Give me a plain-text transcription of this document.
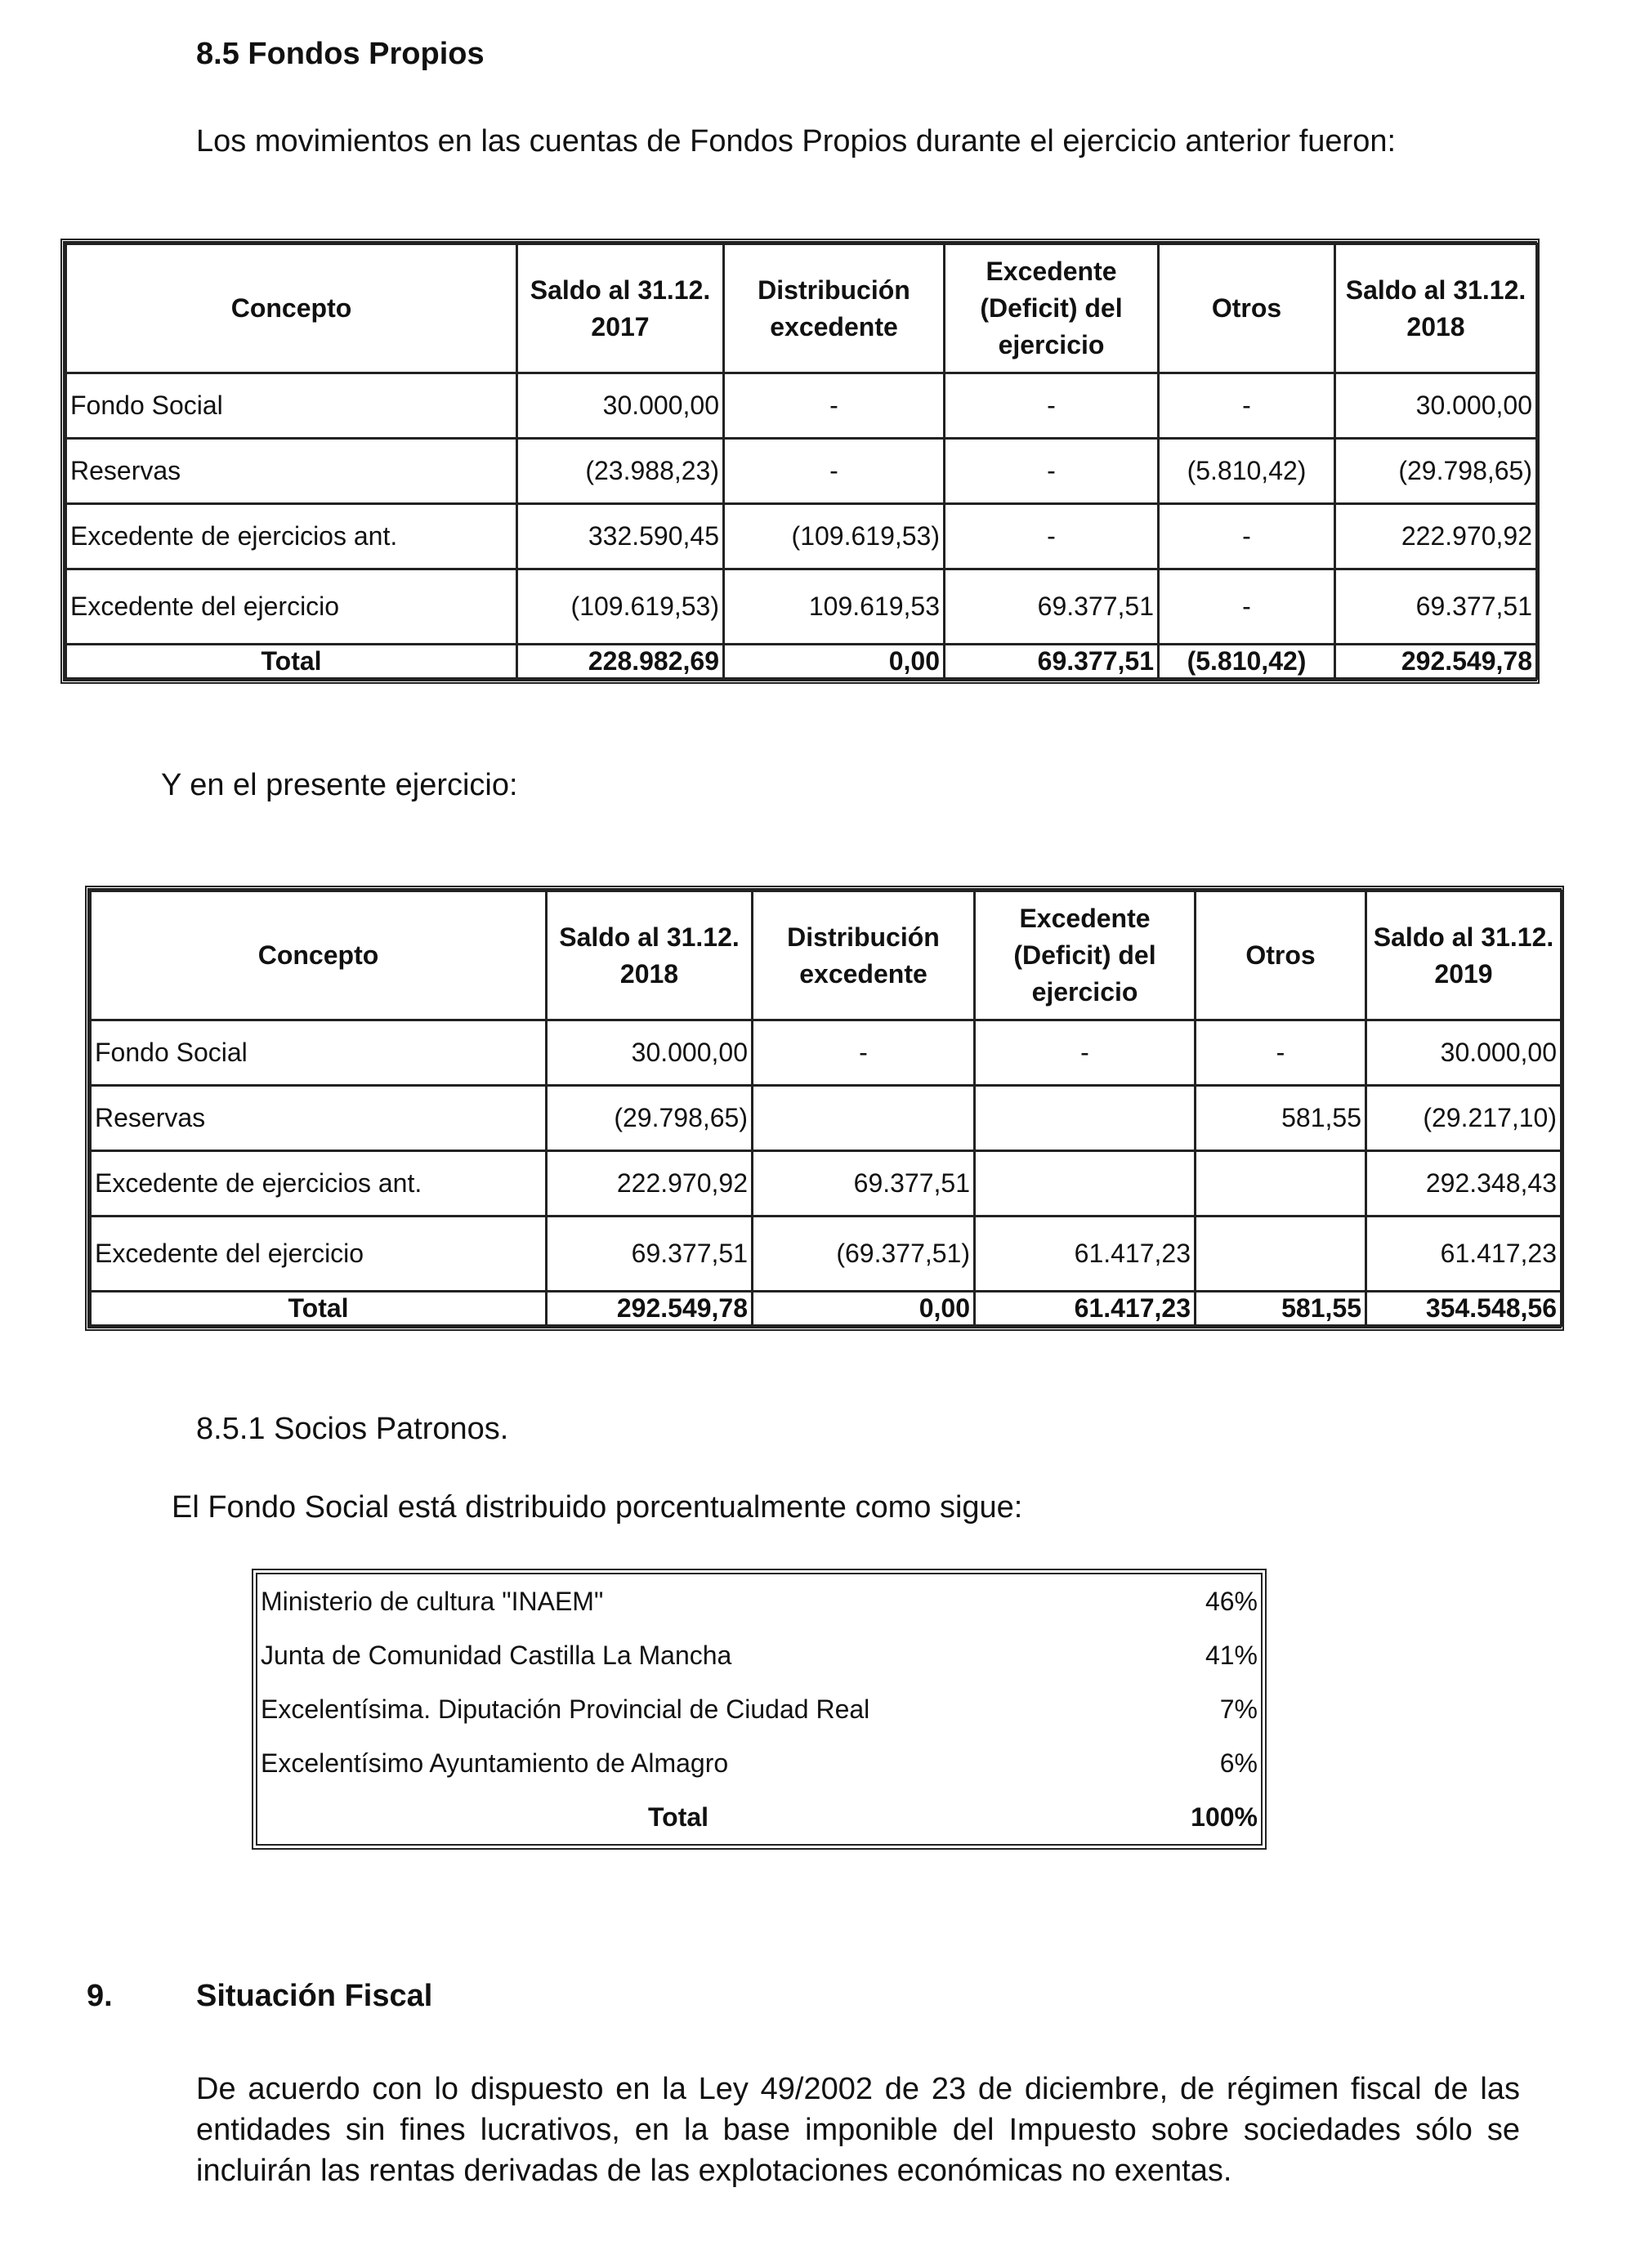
8.5 Fondos Propios
Los movimientos en las cuentas de Fondos Propios durante el ejercicio anterior fueron:
Concepto	Saldo al 31.12. 2017	Distribución excedente	Excedente (Deficit) del ejercicio	Otros	Saldo al 31.12. 2018
Fondo Social	30.000,00	-	-	-	30.000,00
Reservas	(23.988,23)	-	-	(5.810,42)	(29.798,65)
Excedente de ejercicios ant.	332.590,45	(109.619,53)	-	-	222.970,92
Excedente del ejercicio	(109.619,53)	109.619,53	69.377,51	-	69.377,51
Total	228.982,69	0,00	69.377,51	(5.810,42)	292.549,78
Y en el presente ejercicio:
Concepto	Saldo al 31.12. 2018	Distribución excedente	Excedente (Deficit) del ejercicio	Otros	Saldo al 31.12. 2019
Fondo Social	30.000,00	-	-	-	30.000,00
Reservas	(29.798,65)			581,55	(29.217,10)
Excedente de ejercicios ant.	222.970,92	69.377,51			292.348,43
Excedente del ejercicio	69.377,51	(69.377,51)	61.417,23		61.417,23
Total	292.549,78	0,00	61.417,23	581,55	354.548,56
8.5.1 Socios Patronos.
El Fondo Social está distribuido porcentualmente como sigue:
Ministerio de cultura "INAEM"	46%
Junta de Comunidad Castilla La Mancha	41%
Excelentísima. Diputación Provincial de Ciudad Real	7%
Excelentísimo Ayuntamiento de Almagro	6%
Total	100%
9.	Situación Fiscal
De acuerdo con lo dispuesto en la Ley 49/2002 de 23 de diciembre, de régimen fiscal de las entidades sin fines lucrativos, en la base imponible del Impuesto sobre sociedades sólo se incluirán las rentas derivadas de las explotaciones económicas no exentas.
